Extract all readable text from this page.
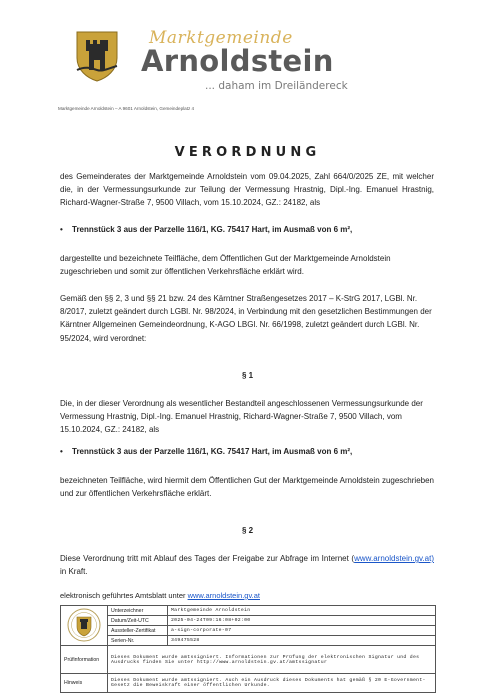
Marktgemeinde
Arnoldstein
... daham im Dreiländereck
Marktgemeinde Arnoldstein – A 9601 Arnoldstein, Gemeindeplatz 4
VERORDNUNG
des Gemeinderates der Marktgemeinde Arnoldstein vom 09.04.2025, Zahl 664/0/2025 ZE, mit welcher die, in der Vermessungsurkunde zur Teilung der Vermessung Hrastnig, Dipl.-Ing. Emanuel Hrastnig, Richard-Wagner-Straße 7, 9500 Villach, vom 15.10.2024, GZ.: 24182, als
• Trennstück 3 aus der Parzelle 116/1, KG. 75417 Hart, im Ausmaß von 6 m²,
dargestellte und bezeichnete Teilfläche, dem Öffentlichen Gut der Marktgemeinde Arnoldstein zugeschrieben und somit zur öffentlichen Verkehrsfläche erklärt wird.
Gemäß den §§ 2, 3 und §§ 21 bzw. 24 des Kärntner Straßengesetzes 2017 – K-StrG 2017, LGBl. Nr. 8/2017, zuletzt geändert durch LGBl. Nr. 98/2024, in Verbindung mit den gesetzlichen Bestimmungen der Kärntner Allgemeinen Gemeindeordnung, K-AGO LBGl. Nr. 66/1998, zuletzt geändert durch LGBl. Nr. 95/2024, wird verordnet:
§ 1
Die, in der dieser Verordnung als wesentlicher Bestandteil angeschlossenen Vermessungsurkunde der Vermessung Hrastnig, Dipl.-Ing. Emanuel Hrastnig, Richard-Wagner-Straße 7, 9500 Villach, vom 15.10.2024, GZ.: 24182, als
• Trennstück 3 aus der Parzelle 116/1, KG. 75417 Hart, im Ausmaß von 6 m²,
bezeichneten Teilfläche, wird hiermit dem Öffentlichen Gut der Marktgemeinde Arnoldstein zugeschrieben und zur öffentlichen Verkehrsfläche erklärt.
§ 2
Diese Verordnung tritt mit Ablauf des Tages der Freigabe zur Abfrage im Internet (www.arnoldstein.gv.at) in Kraft.
elektronisch geführtes Amtsblatt unter www.arnoldstein.gv.at
	Unterzeichner	Marktgemeinde Arnoldstein
	Datum/Zeit-UTC	2025-04-24T09:16:08+02:00
	Aussteller-Zertifikat	a-sign-corporate-07
	Serien-Nr.	349475528
Prüfinformation	Dieses Dokument wurde amtssigniert. Informationen zur Prüfung der elektronischen Signatur und des Ausdrucks finden Sie unter http://www.arnoldstein.gv.at/amtssignatur	
Hinweis	Dieses Dokument wurde amtssigniert. Auch ein Ausdruck dieses Dokuments hat gemäß § 20 E-Government-Gesetz die Beweiskraft einer öffentlichen Urkunde.	
